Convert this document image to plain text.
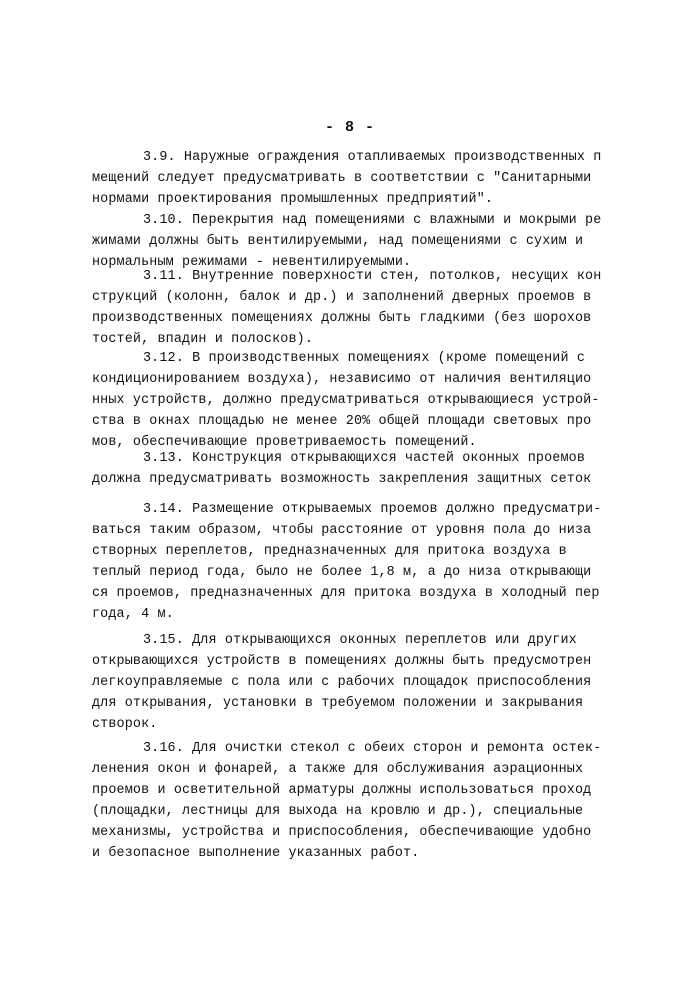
- 8 -
3.9. Наружные ограждения отапливаемых производственных п
мещений следует предусматривать в соответствии с "Санитарными
нормами проектирования промышленных предприятий".
3.10. Перекрытия над помещениями с влажными и мокрыми ре
жимами должны быть вентилируемыми, над помещениями с сухим и
нормальным режимами - невентилируемыми.
3.11. Внутренние поверхности стен, потолков, несущих кон
струкций (колонн, балок и др.) и заполнений дверных проемов в
производственных помещениях должны быть гладкими (без шорохов
тостей, впадин и полосков).
3.12. В производственных помещениях (кроме помещений с
кондиционированием воздуха), независимо от наличия вентиляцио
нных устройств, должно предусматриваться открывающиеся устрой-
ства в окнах площадью не менее 20% общей площади световых про
мов, обеспечивающие проветриваемость помещений.
3.13. Конструкция открывающихся частей оконных проемов
должна предусматривать возможность закрепления защитных сеток
3.14. Размещение открываемых проемов должно предусматри-
ваться таким образом, чтобы расстояние от уровня пола до низа
створных переплетов, предназначенных для притока воздуха в
теплый период года, было не более 1,8 м, а до низа открывающи
ся проемов, предназначенных для притока воздуха в холодный пер
года, 4 м.
3.15. Для открывающихся оконных переплетов или других
открывающихся устройств в помещениях должны быть предусмотрен
легкоуправляемые с пола или с рабочих площадок приспособления
для открывания, установки в требуемом положении и закрывания
створок.
3.16. Для очистки стекол с обеих сторон и ремонта остек-
ленения окон и фонарей, а также для обслуживания аэрационных
проемов и осветительной арматуры должны использоваться проход
(площадки, лестницы для выхода на кровлю и др.), специальные
механизмы, устройства и приспособления, обеспечивающие удобно
и безопасное выполнение указанных работ.
